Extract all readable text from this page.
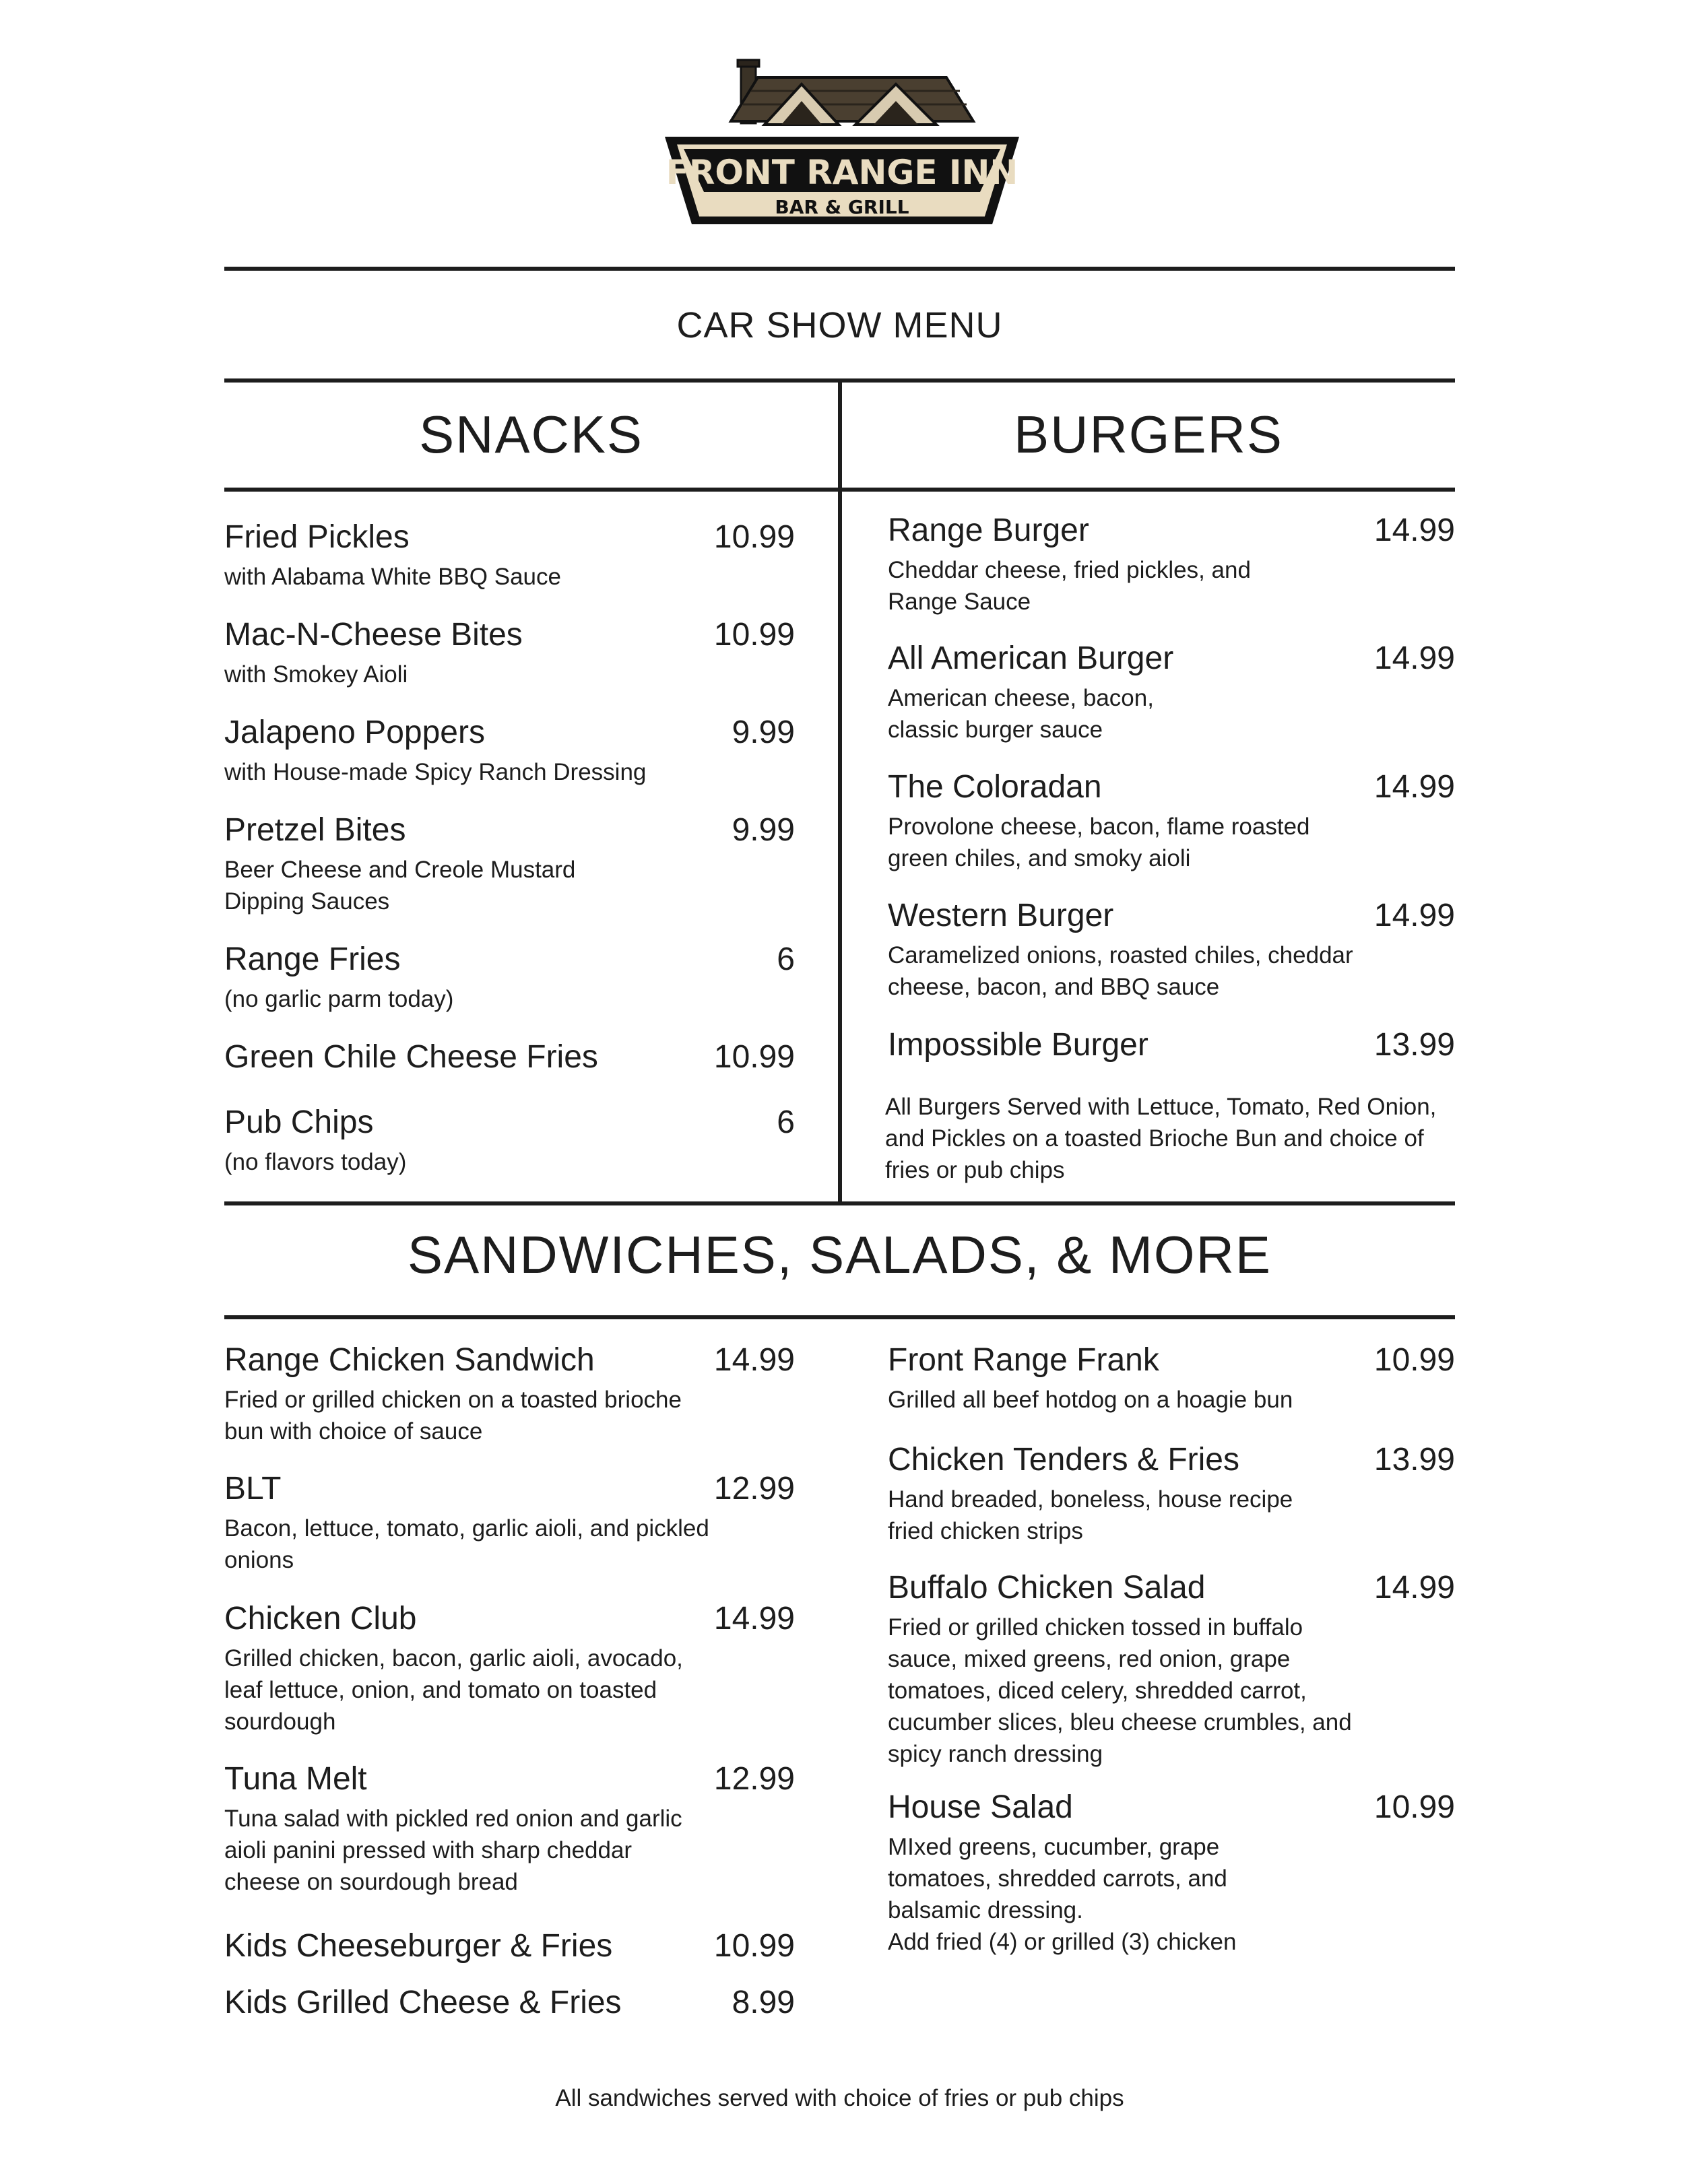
FRONT RANGE INN
BAR & GRILL
CAR SHOW MENU
SNACKS	BURGERS
Fried Pickles	10.99
with Alabama White BBQ Sauce
Mac-N-Cheese Bites	10.99
with Smokey Aioli
Jalapeno Poppers	9.99
with House-made Spicy Ranch Dressing
Pretzel Bites	9.99
Beer Cheese and Creole Mustard Dipping Sauces
Range Fries	6
(no garlic parm today)
Green Chile Cheese Fries	10.99
Pub Chips	6
(no flavors today)
Range Burger	14.99
Cheddar cheese, fried pickles, and Range Sauce
All American Burger	14.99
American cheese, bacon, classic burger sauce
The Coloradan	14.99
Provolone cheese, bacon, flame roasted green chiles, and smoky aioli
Western Burger	14.99
Caramelized onions, roasted chiles, cheddar cheese, bacon, and BBQ sauce
Impossible Burger	13.99
All Burgers Served with Lettuce, Tomato, Red Onion, and Pickles on a toasted Brioche Bun and choice of fries or pub chips
SANDWICHES, SALADS, & MORE
Range Chicken Sandwich	14.99
Fried or grilled chicken on a toasted brioche bun with choice of sauce
BLT	12.99
Bacon, lettuce, tomato, garlic aioli, and pickled onions
Chicken Club	14.99
Grilled chicken, bacon, garlic aioli, avocado, leaf lettuce, onion, and tomato on toasted sourdough
Tuna Melt	12.99
Tuna salad with pickled red onion and garlic aioli panini pressed with sharp cheddar cheese on sourdough bread
Kids Cheeseburger & Fries	10.99
Kids Grilled Cheese & Fries	8.99
Front Range Frank	10.99
Grilled all beef hotdog on a hoagie bun
Chicken Tenders & Fries	13.99
Hand breaded, boneless, house recipe fried chicken strips
Buffalo Chicken Salad	14.99
Fried or grilled chicken tossed in buffalo sauce, mixed greens, red onion, grape tomatoes, diced celery, shredded carrot, cucumber slices, bleu cheese crumbles, and spicy ranch dressing
House Salad	10.99
MIxed greens, cucumber, grape tomatoes, shredded carrots, and balsamic dressing.
Add fried (4) or grilled (3) chicken
All sandwiches served with choice of fries or pub chips
